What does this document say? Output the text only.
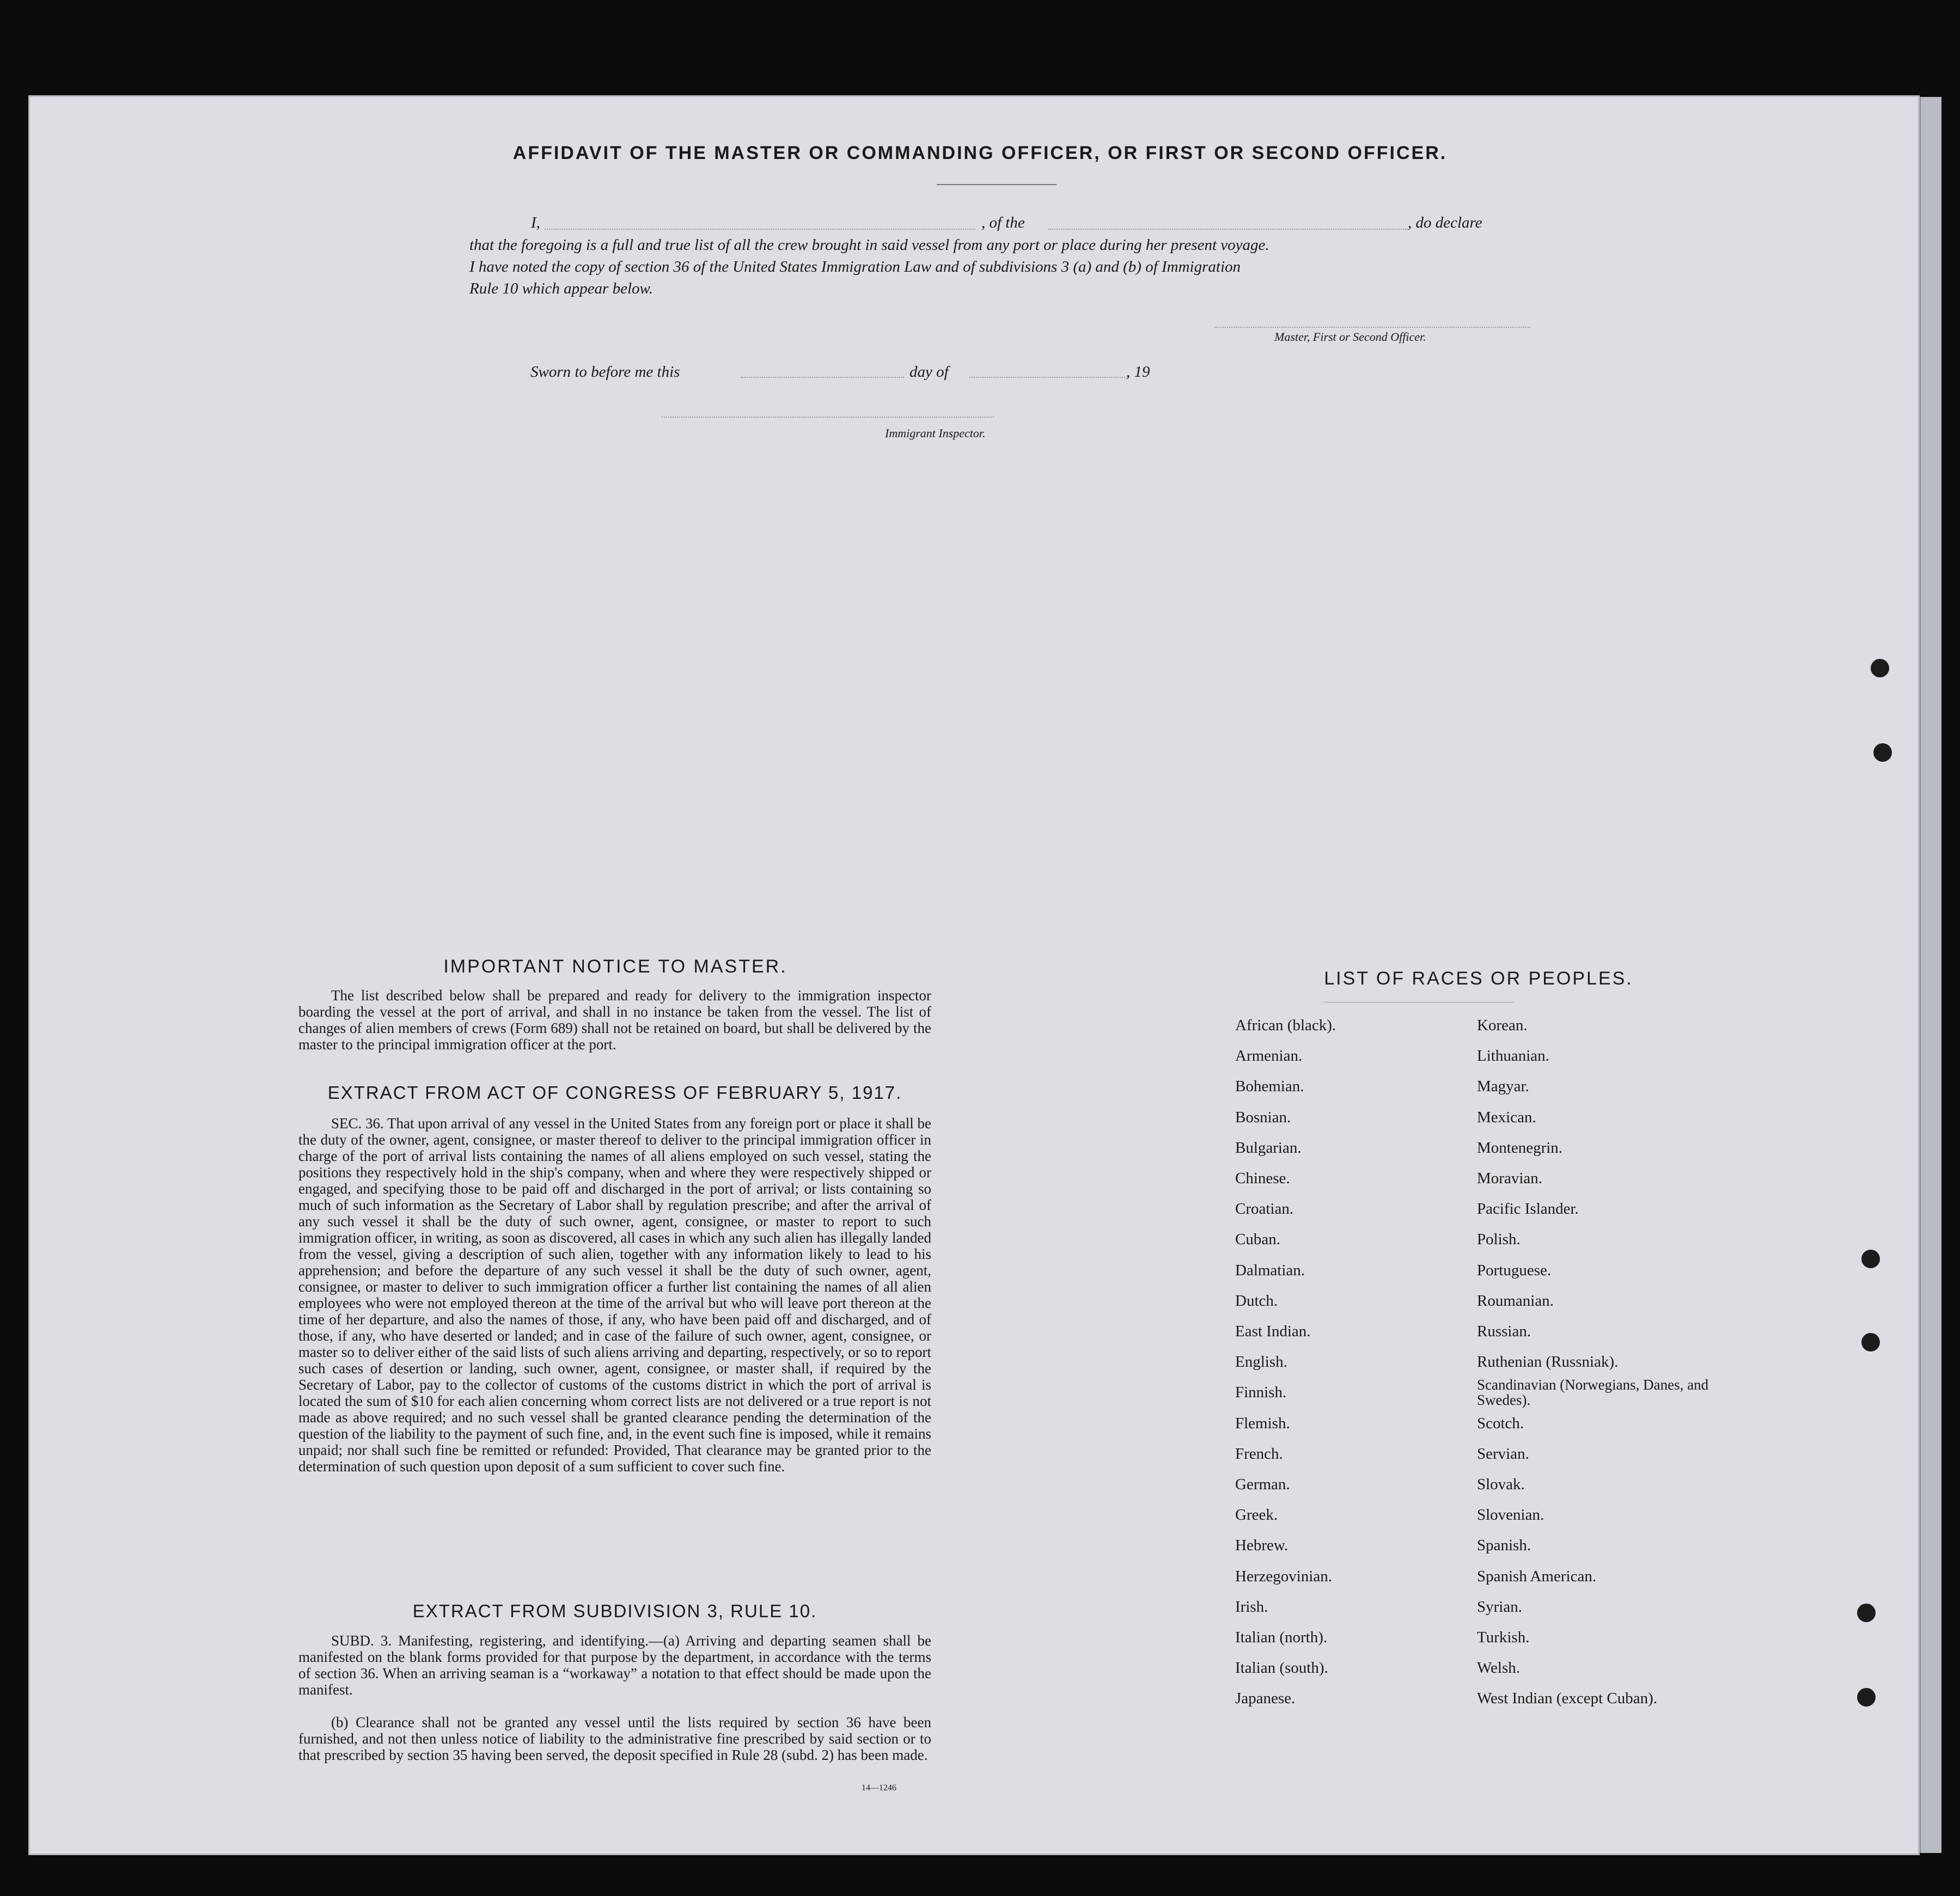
AFFIDAVIT OF THE MASTER OR COMMANDING OFFICER, OR FIRST OR SECOND OFFICER.
I,	, of the	, do declare
that the foregoing is a full and true list of all the crew brought in said vessel from any port or place during her present voyage.
I have noted the copy of section 36 of the United States Immigration Law and of subdivisions 3 (a) and (b) of Immigration
Rule 10 which appear below.
Master, First or Second Officer.
Sworn to before me this	day of	, 19
Immigrant Inspector.
IMPORTANT NOTICE TO MASTER.
The list described below shall be prepared and ready for delivery to the immigration inspector boarding the vessel at the port of arrival, and shall in no instance be taken from the vessel. The list of changes of alien members of crews (Form 689) shall not be retained on board, but shall be delivered by the master to the principal immigration officer at the port.
EXTRACT FROM ACT OF CONGRESS OF FEBRUARY 5, 1917.
SEC. 36. That upon arrival of any vessel in the United States from any foreign port or place it shall be the duty of the owner, agent, consignee, or master thereof to deliver to the principal immigration officer in charge of the port of arrival lists containing the names of all aliens employed on such vessel, stating the positions they respectively hold in the ship's company, when and where they were respectively shipped or engaged, and specifying those to be paid off and discharged in the port of arrival; or lists containing so much of such information as the Secretary of Labor shall by regulation prescribe; and after the arrival of any such vessel it shall be the duty of such owner, agent, consignee, or master to report to such immigration officer, in writing, as soon as discovered, all cases in which any such alien has illegally landed from the vessel, giving a description of such alien, together with any information likely to lead to his apprehension; and before the departure of any such vessel it shall be the duty of such owner, agent, consignee, or master to deliver to such immigration officer a further list containing the names of all alien employees who were not employed thereon at the time of the arrival but who will leave port thereon at the time of her departure, and also the names of those, if any, who have been paid off and discharged, and of those, if any, who have deserted or landed; and in case of the failure of such owner, agent, consignee, or master so to deliver either of the said lists of such aliens arriving and departing, respectively, or so to report such cases of desertion or landing, such owner, agent, consignee, or master shall, if required by the Secretary of Labor, pay to the collector of customs of the customs district in which the port of arrival is located the sum of $10 for each alien concerning whom correct lists are not delivered or a true report is not made as above required; and no such vessel shall be granted clearance pending the determination of the question of the liability to the payment of such fine, and, in the event such fine is imposed, while it remains unpaid; nor shall such fine be remitted or refunded: Provided, That clearance may be granted prior to the determination of such question upon deposit of a sum sufficient to cover such fine.
EXTRACT FROM SUBDIVISION 3, RULE 10.
SUBD. 3. Manifesting, registering, and identifying.—(a) Arriving and departing seamen shall be manifested on the blank forms provided for that purpose by the department, in accordance with the terms of section 36. When an arriving seaman is a “workaway” a notation to that effect should be made upon the manifest.
(b) Clearance shall not be granted any vessel until the lists required by section 36 have been furnished, and not then unless notice of liability to the administrative fine prescribed by said section or to that prescribed by section 35 having been served, the deposit specified in Rule 28 (subd. 2) has been made.
14—1246
LIST OF RACES OR PEOPLES.
African (black).
Armenian.
Bohemian.
Bosnian.
Bulgarian.
Chinese.
Croatian.
Cuban.
Dalmatian.
Dutch.
East Indian.
English.
Finnish.
Flemish.
French.
German.
Greek.
Hebrew.
Herzegovinian.
Irish.
Italian (north).
Italian (south).
Japanese.
Korean.
Lithuanian.
Magyar.
Mexican.
Montenegrin.
Moravian.
Pacific Islander.
Polish.
Portuguese.
Roumanian.
Russian.
Ruthenian (Russniak).
Scandinavian (Norwegians, Danes, and Swedes).
Scotch.
Servian.
Slovak.
Slovenian.
Spanish.
Spanish American.
Syrian.
Turkish.
Welsh.
West Indian (except Cuban).
